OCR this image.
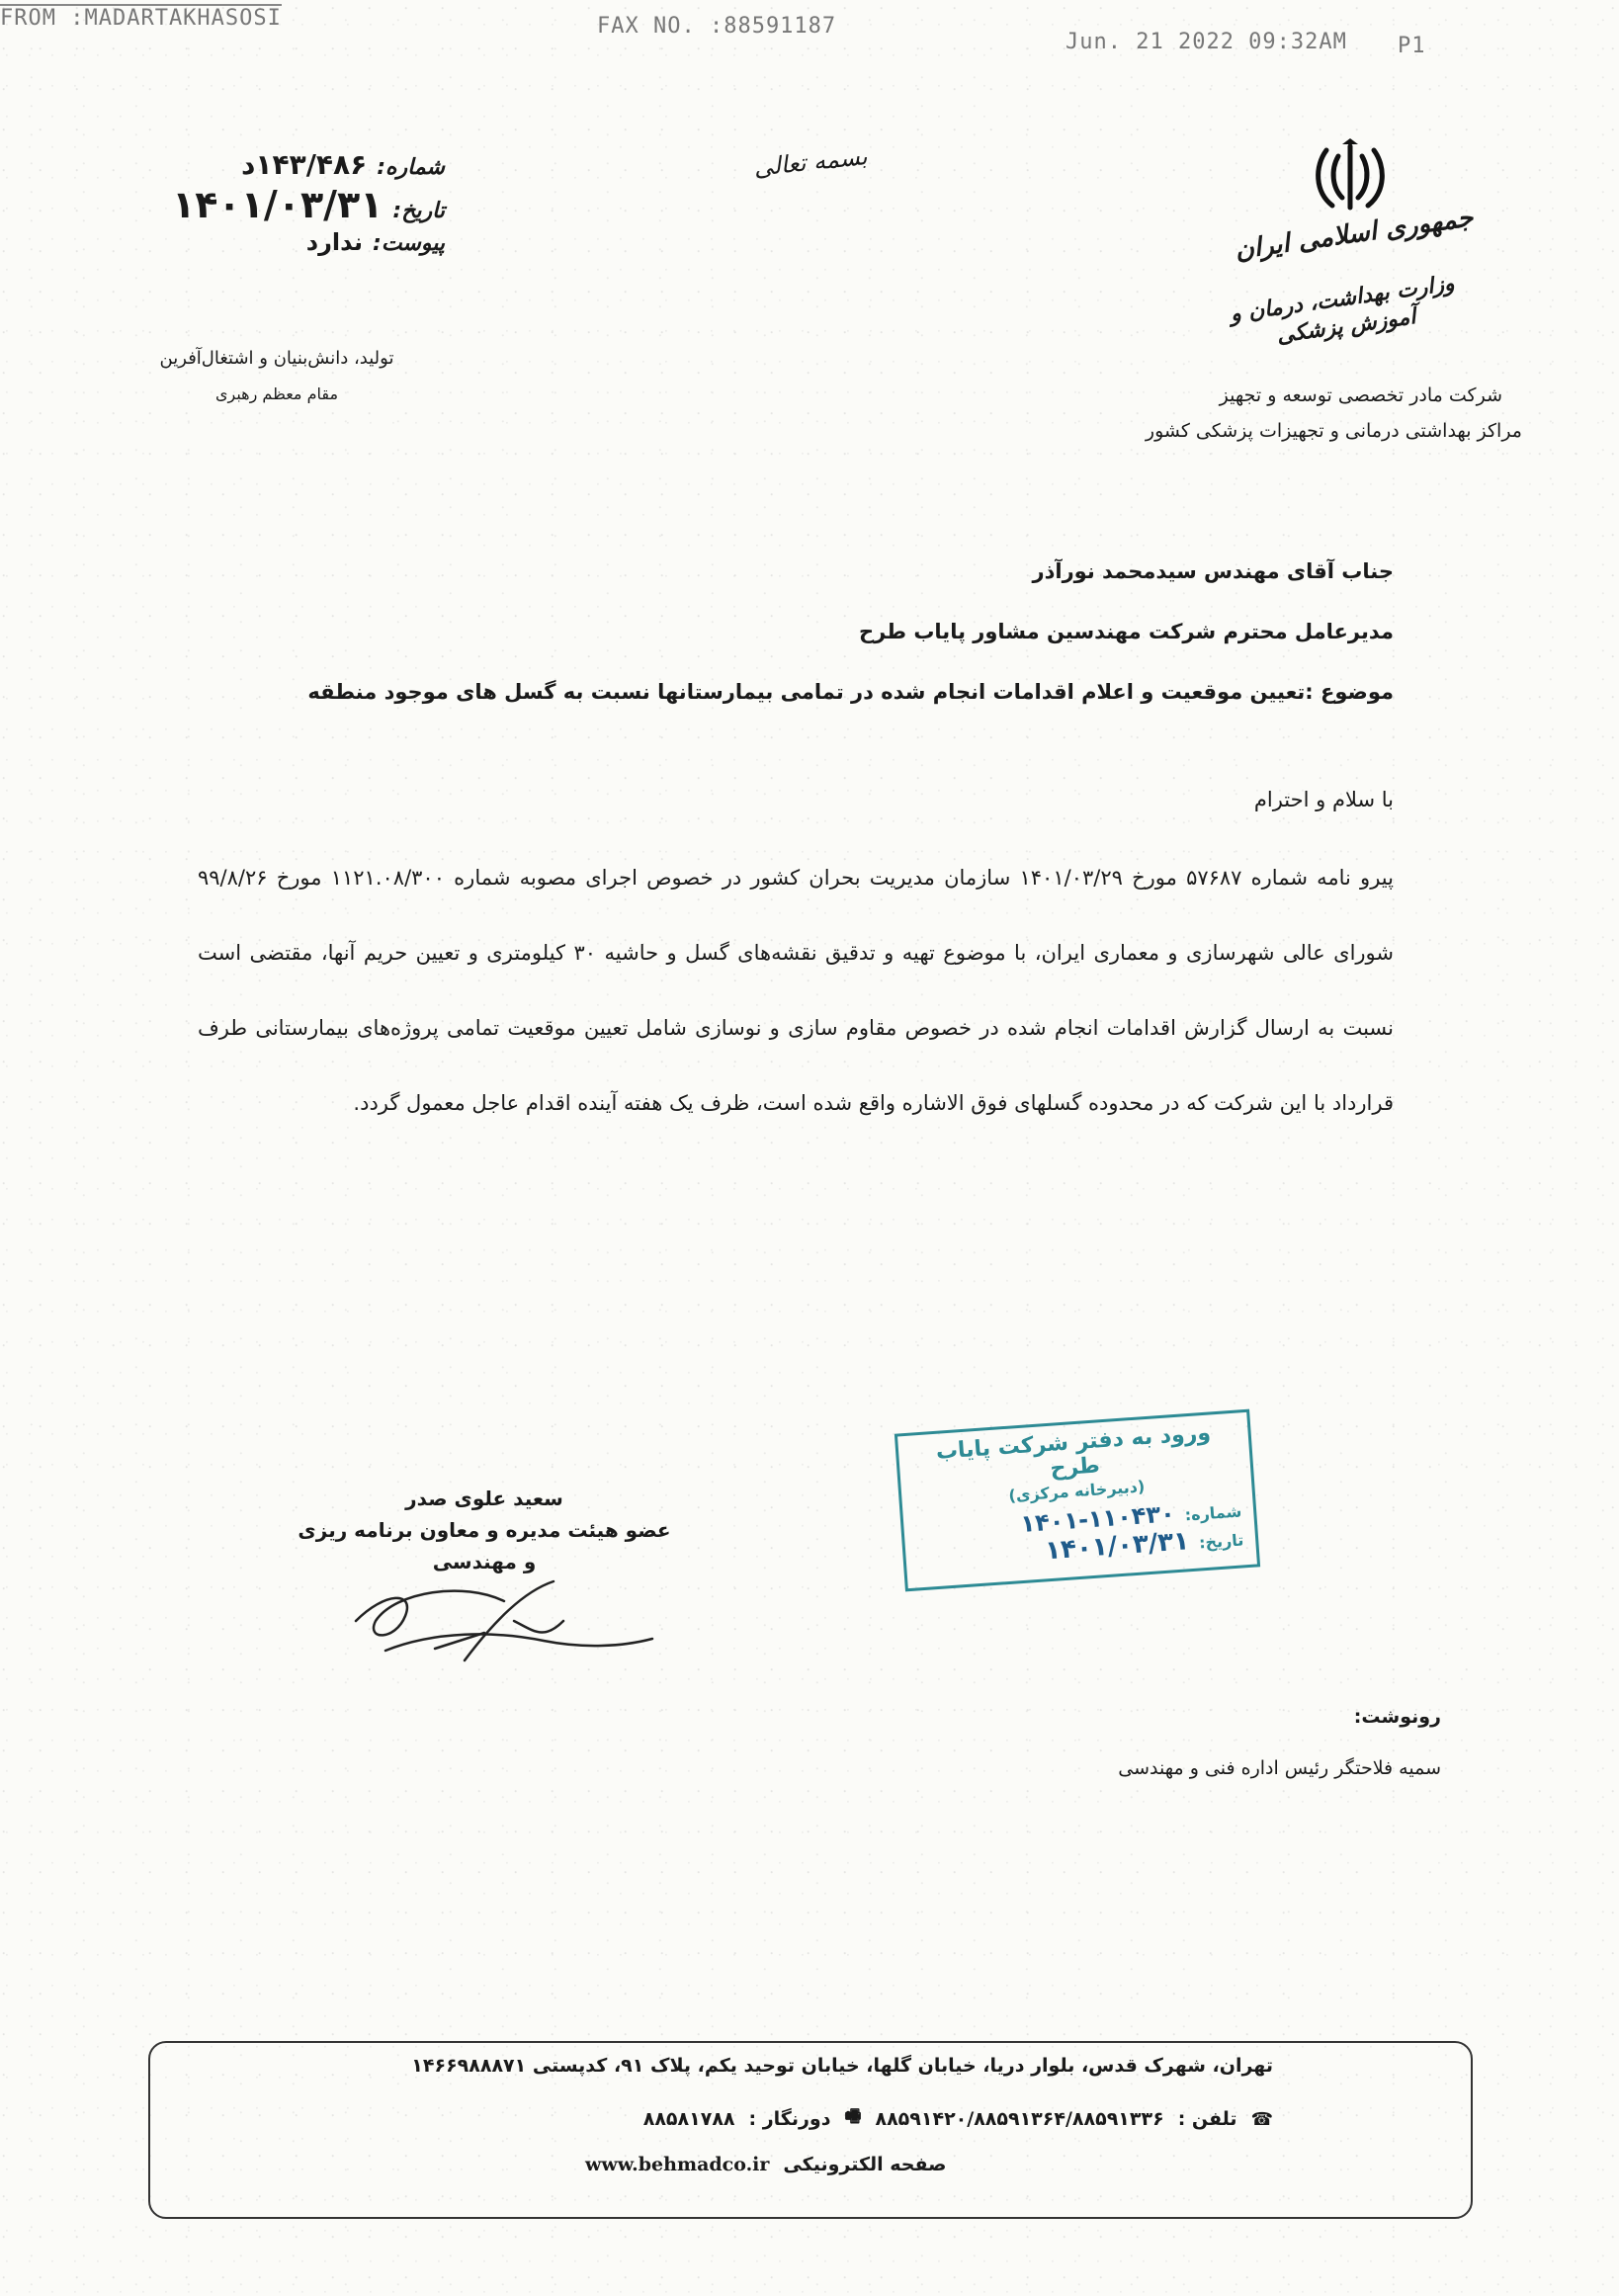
FROM :MADARTAKHASOSI	FAX NO. :88591187
Jun. 21 2022 09:32AM P1
بسمه تعالی
شماره:
۱۴۳/۴۸۶د
تاریخ:
۱۴۰۱/۰۳/۳۱
پیوست:
ندارد
تولید، دانش‌بنیان و اشتغال‌آفرین
مقام معظم رهبری
جمهوری اسلامی ایران
وزارت بهداشت، درمان و آموزش پزشکی
شرکت مادر تخصصی توسعه و تجهیز
مراکز بهداشتی درمانی و تجهیزات پزشکی کشور
جناب آقای مهندس سیدمحمد نورآذر
مدیرعامل محترم شرکت مهندسین مشاور پایاب طرح
موضوع :تعیین موقعیت و اعلام اقدامات انجام شده در تمامی بیمارستانها نسبت به گسل های موجود منطقه
با سلام و احترام
پیرو نامه شماره ۵۷۶۸۷ مورخ ۱۴۰۱/۰۳/۲۹ سازمان مدیریت بحران کشور در خصوص اجرای مصوبه شماره ۱۱۲۱.۰۸/۳۰۰ مورخ ۹۹/۸/۲۶ شورای عالی شهرسازی و معماری ایران، با موضوع تهیه و تدقیق نقشه‌های گسل و حاشیه ۳۰ کیلومتری و تعیین حریم آنها، مقتضی است نسبت به ارسال گزارش اقدامات انجام شده در خصوص مقاوم سازی و نوسازی شامل تعیین موقعیت تمامی پروژه‌های بیمارستانی طرف قرارداد با این شرکت که در محدوده گسلهای فوق الاشاره واقع شده است، ظرف یک هفته آینده اقدام عاجل معمول گردد.
ورود به دفتر شرکت پایاب طرح
(دبیرخانه مرکزی)
شماره:
۱۴۰۱-۱۱۰۴۳۰
تاریخ:
۱۴۰۱/۰۳/۳۱
سعید علوی صدر
عضو هیئت مدیره و معاون برنامه ریزی و مهندسی
رونوشت:
سمیه فلاحتگر رئیس اداره فنی و مهندسی
تهران، شهرک قدس، بلوار دریا، خیابان گلها، خیابان توحید یکم، پلاک ۹۱، کدپستی ۱۴۶۶۹۸۸۸۷۱
☎
تلفن :
۸۸۵۹۱۴۲۰/۸۸۵۹۱۳۶۴/۸۸۵۹۱۳۳۶
🖷
دورنگار :
۸۸۵۸۱۷۸۸
صفحه الکترونیکی
www.behmadco.ir
